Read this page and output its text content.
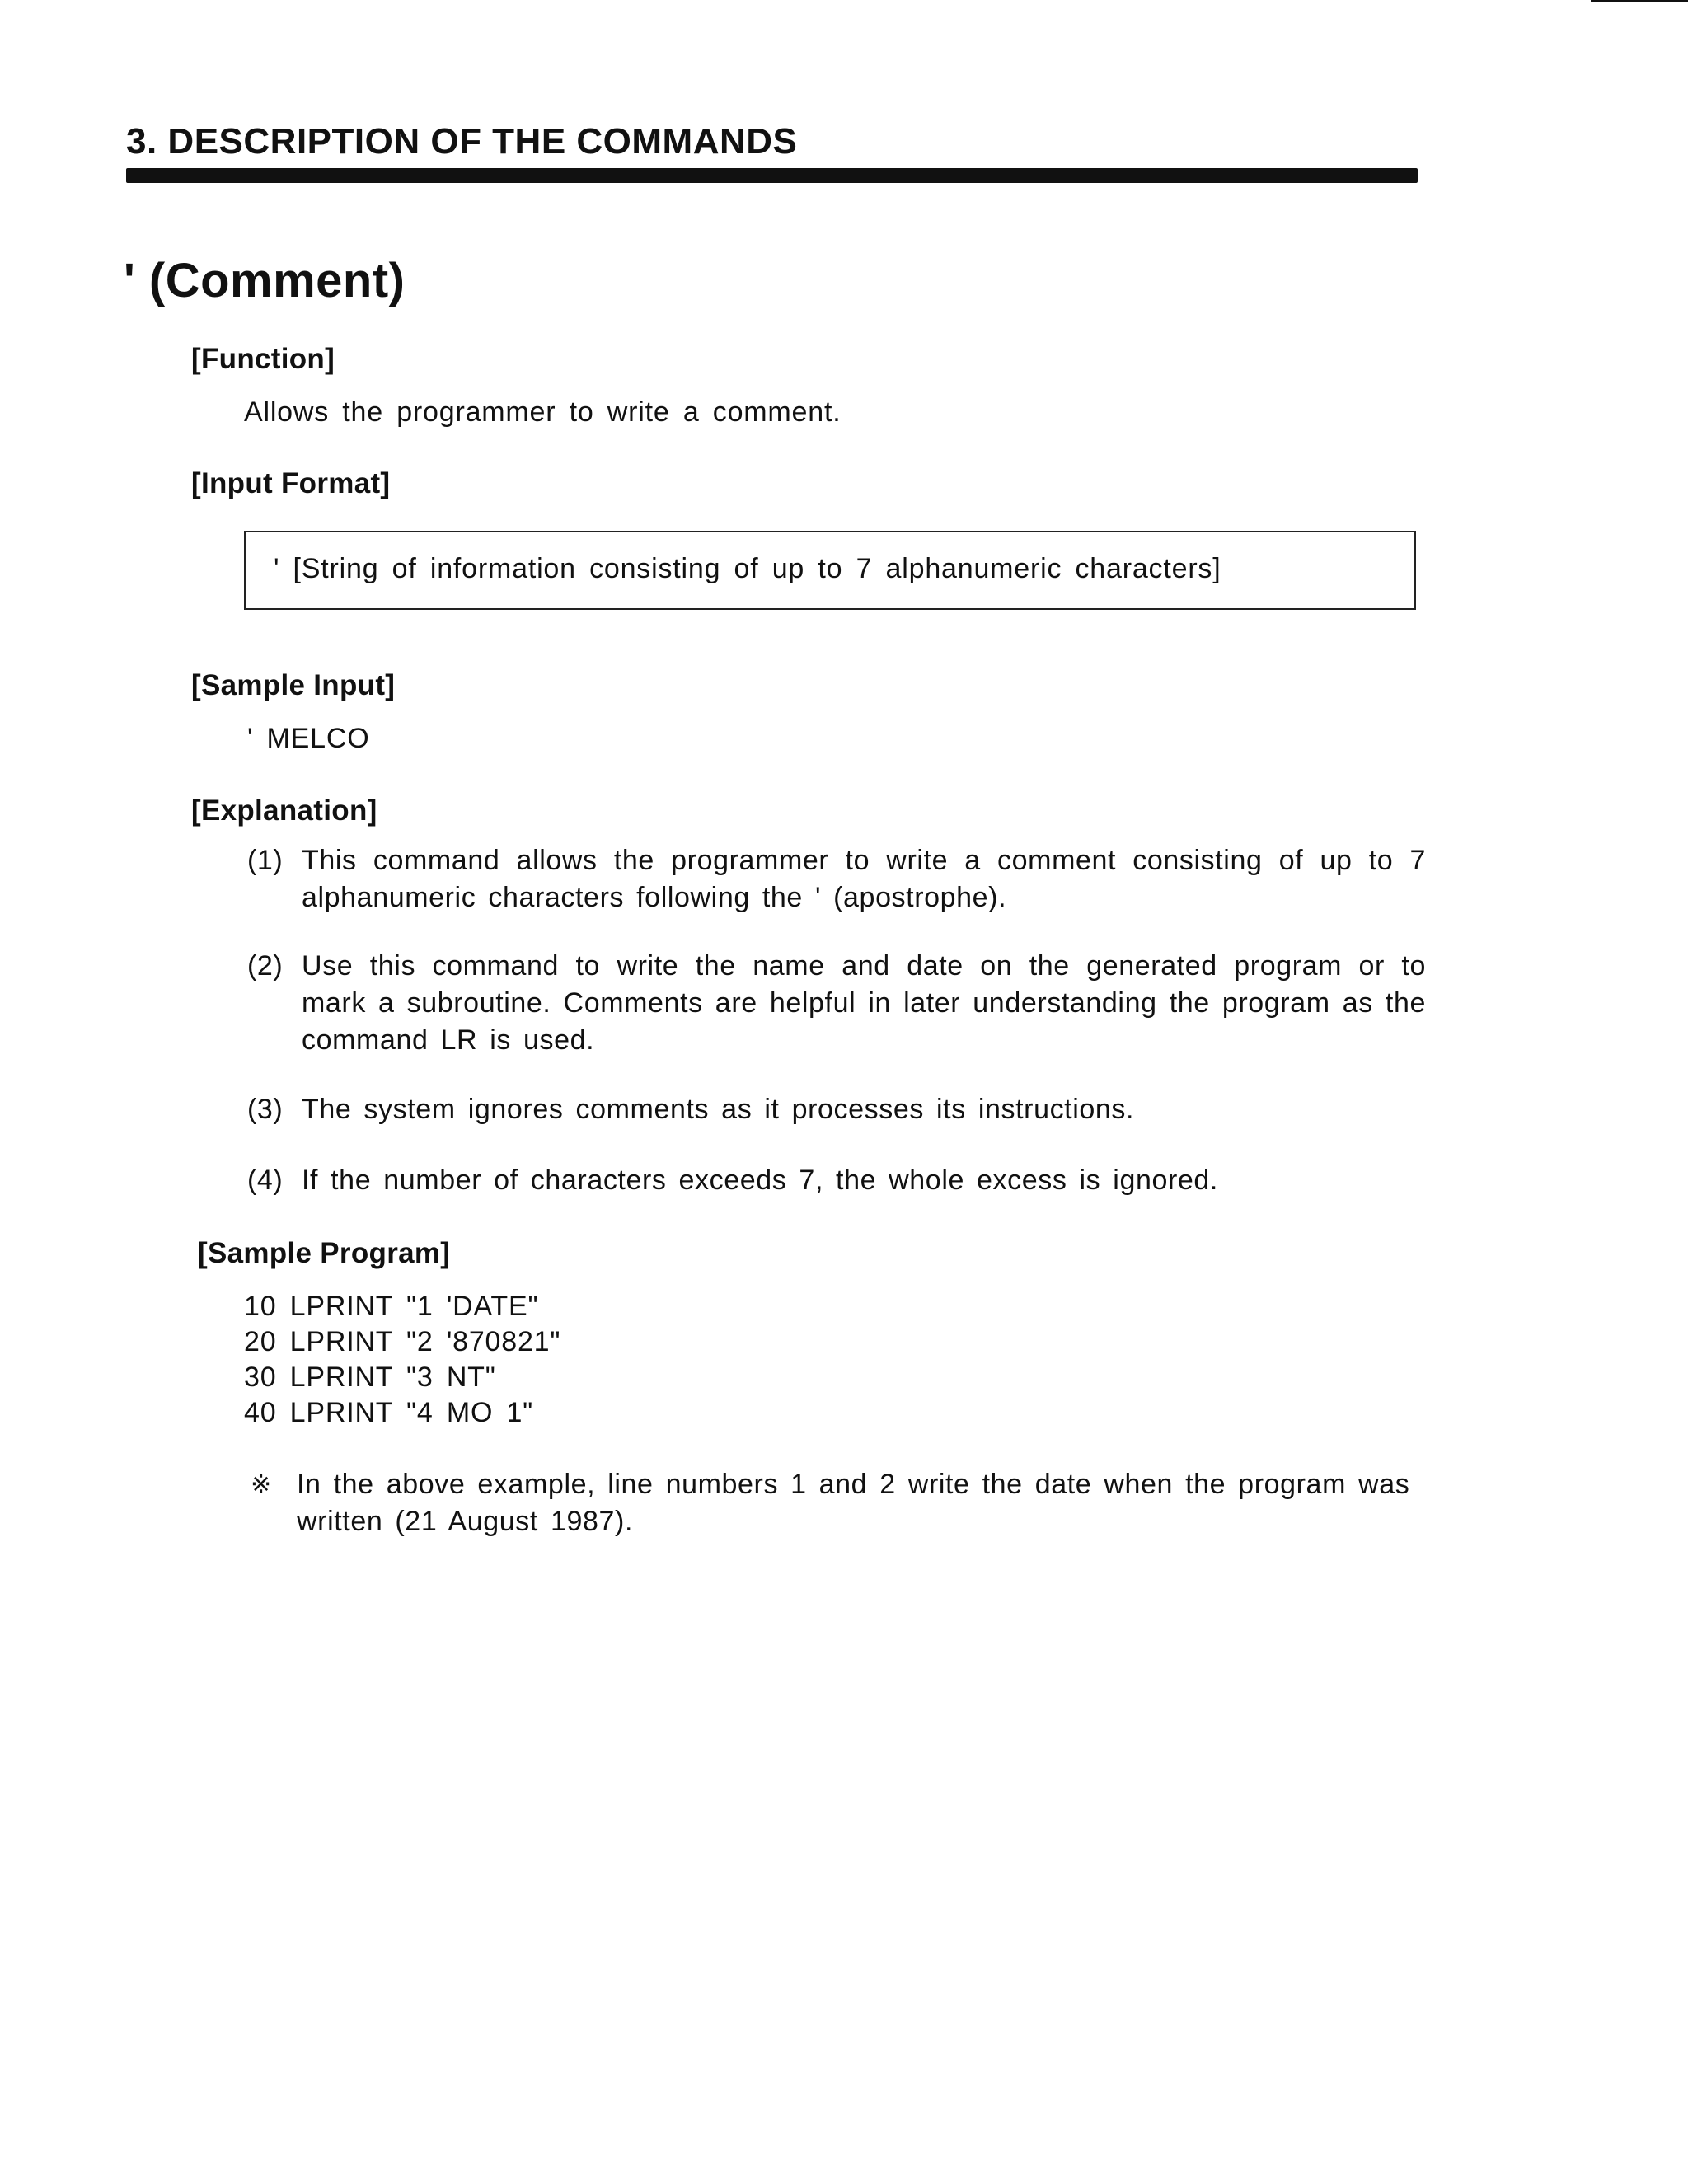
3. DESCRIPTION OF THE COMMANDS
' (Comment)
[Function]
Allows the programmer to write a comment.
[Input Format]
' [String of information consisting of up to 7 alphanumeric characters]
[Sample Input]
' MELCO
[Explanation]
(1) This command allows the programmer to write a comment consisting of up to 7 alphanumeric characters following the ' (apostrophe).
(2) Use this command to write the name and date on the generated program or to mark a subroutine. Comments are helpful in later understanding the program as the command LR is used.
(3) The system ignores comments as it processes its instructions.
(4) If the number of characters exceeds 7, the whole excess is ignored.
[Sample Program]
10 LPRINT "1 'DATE"
20 LPRINT "2 '870821"
30 LPRINT "3 NT"
40 LPRINT "4 MO 1"
※ In the above example, line numbers 1 and 2 write the date when the program was written (21 August 1987).
